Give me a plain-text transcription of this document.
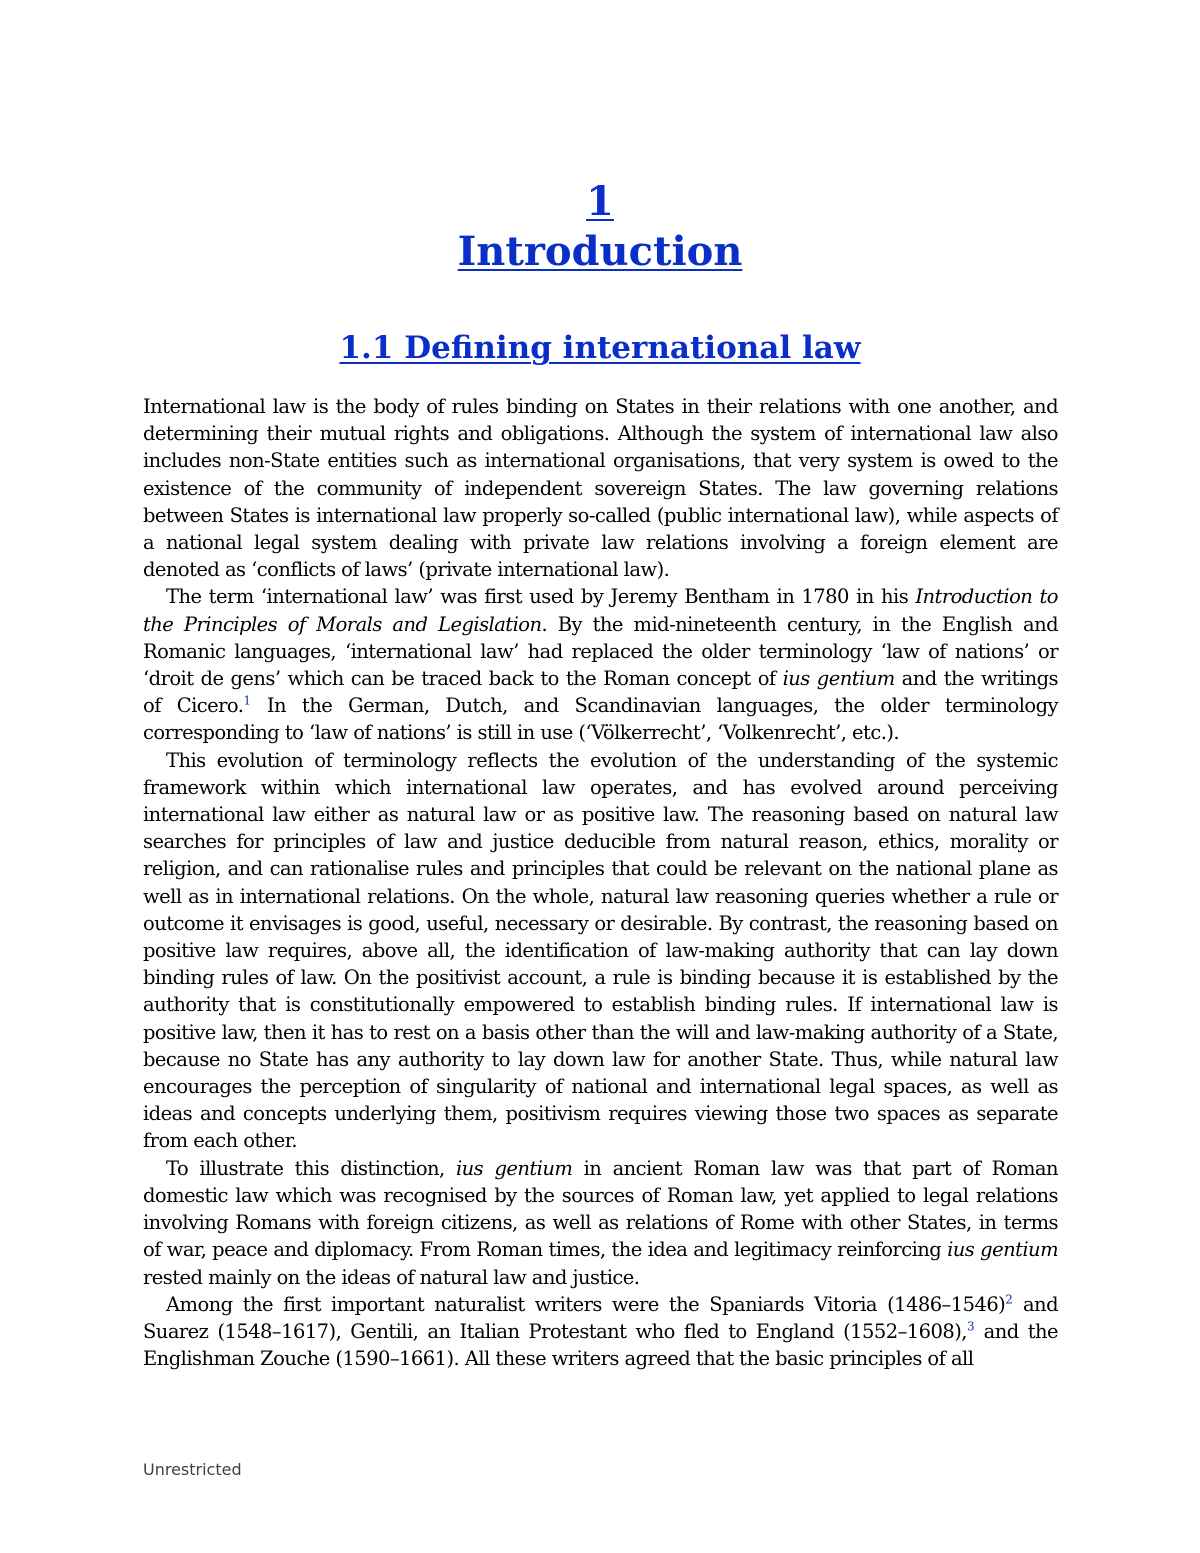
1
Introduction
1.1 Defining international law

International law is the body of rules binding on States in their relations with one another, and determining their mutual rights and obligations. Although the system of international law also includes non-State entities such as international organisations, that very system is owed to the existence of the community of independent sovereign States. The law governing relations between States is international law properly so-called (public international law), while aspects of a national legal system dealing with private law relations involving a foreign element are denoted as ‘conflicts of laws’ (private international law).

The term ‘international law’ was first used by Jeremy Bentham in 1780 in his Introduction to the Principles of Morals and Legislation. By the mid-nineteenth century, in the English and Romanic languages, ‘international law’ had replaced the older terminology ‘law of nations’ or ‘droit de gens’ which can be traced back to the Roman concept of ius gentium and the writings of Cicero.$^1$ In the German, Dutch, and Scandinavian languages, the older terminology corresponding to ‘law of nations’ is still in use (‘Völkerrecht’, ‘Volkenrecht’, etc.).

This evolution of terminology reflects the evolution of the understanding of the systemic framework within which international law operates, and has evolved around perceiving international law either as natural law or as positive law. The reasoning based on natural law searches for principles of law and justice deducible from natural reason, ethics, morality or religion, and can rationalise rules and principles that could be relevant on the national plane as well as in international relations. On the whole, natural law reasoning queries whether a rule or outcome it envisages is good, useful, necessary or desirable. By contrast, the reasoning based on positive law requires, above all, the identification of law-making authority that can lay down binding rules of law. On the positivist account, a rule is binding because it is established by the authority that is constitutionally empowered to establish binding rules. If international law is positive law, then it has to rest on a basis other than the will and law-making authority of a State, because no State has any authority to lay down law for another State. Thus, while natural law encourages the perception of singularity of national and international legal spaces, as well as ideas and concepts underlying them, positivism requires viewing those two spaces as separate from each other.

To illustrate this distinction, ius gentium in ancient Roman law was that part of Roman domestic law which was recognised by the sources of Roman law, yet applied to legal relations involving Romans with foreign citizens, as well as relations of Rome with other States, in terms of war, peace and diplomacy. From Roman times, the idea and legitimacy reinforcing ius gentium rested mainly on the ideas of natural law and justice.

Among the first important naturalist writers were the Spaniards Vitoria (1486–1546)$^2$ and Suarez (1548–1617), Gentili, an Italian Protestant who fled to England (1552–1608),$^3$ and the Englishman Zouche (1590–1661). All these writers agreed that the basic principles of all

Unrestricted
